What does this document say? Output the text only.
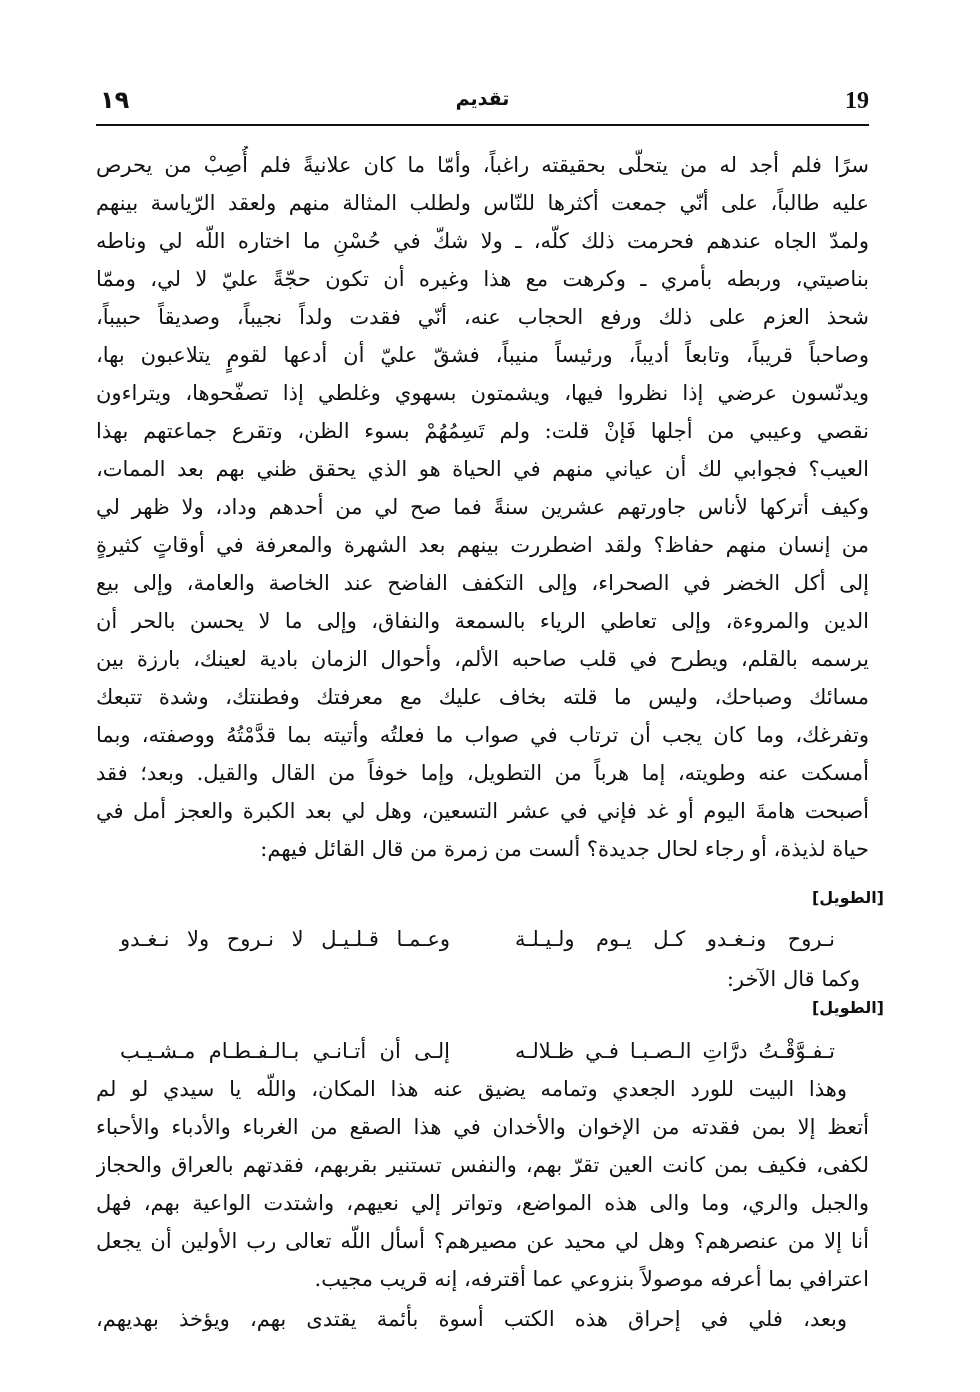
١٩	تقديم	19
سرًا فلم أجد له من يتحلّى بحقيقته راغباً، وأمّا ما كان علانيةً فلم أُصِبْ من يحرص
عليه طالباً، على أنّي جمعت أكثرها للنّاس ولطلب المثالة منهم ولعقد الرّياسة بينهم
ولمدّ الجاه عندهم فحرمت ذلك كلّه، ـ ولا شكّ في حُسْنِ ما اختاره اللّه لي وناطه
بناصيتي، وربطه بأمري ـ وكرهت مع هذا وغيره أن تكون حجّةً عليّ لا لي، وممّا
شحذ العزم على ذلك ورفع الحجاب عنه، أنّي فقدت ولداً نجيباً، وصديقاً حبيباً،
وصاحباً قريباً، وتابعاً أديباً، ورئيساً منيباً، فشقّ عليّ أن أدعها لقومٍ يتلاعبون بها،
ويدنّسون عرضي إذا نظروا فيها، ويشمتون بسهوي وغلطي إذا تصفّحوها، ويتراءون
نقصي وعيبي من أجلها فَإنْ قلت: ولم تَسِمُهُمْ بسوء الظن، وتقرع جماعتهم بهذا
العيب؟ فجوابي لك أن عياني منهم في الحياة هو الذي يحقق ظني بهم بعد الممات،
وكيف أتركها لأناس جاورتهم عشرين سنةً فما صح لي من أحدهم وداد، ولا ظهر لي
من إنسان منهم حفاظ؟ ولقد اضطررت بينهم بعد الشهرة والمعرفة في أوقاتٍ كثيرةٍ
إلى أكل الخضر في الصحراء، وإلى التكفف الفاضح عند الخاصة والعامة، وإلى بيع
الدين والمروءة، وإلى تعاطي الرياء بالسمعة والنفاق، وإلى ما لا يحسن بالحر أن
يرسمه بالقلم، ويطرح في قلب صاحبه الألم، وأحوال الزمان بادية لعينك، بارزة بين
مسائك وصباحك، وليس ما قلته بخاف عليك مع معرفتك وفطنتك، وشدة تتبعك
وتفرغك، وما كان يجب أن ترتاب في صواب ما فعلتُه وأتيته بما قدَّمْتُهُ ووصفته، وبما
أمسكت عنه وطويته، إما هرباً من التطويل، وإما خوفاً من القال والقيل. وبعد؛ فقد
أصبحت هامةَ اليوم أو غد فإني في عشر التسعين، وهل لي بعد الكبرة والعجز أمل في
حياة لذيذة، أو رجاء لحال جديدة؟ ألست من زمرة من قال القائل فيهم:
[الطويل]
نـروح ونـغـدو كـل يـوم ولـيـلـة
وعـمـا قـلـيـل لا نـروح ولا نـغـدو
وكما قال الآخر:
[الطويل]
تـفـوَّقْـتُ درَّاتِ الـصـبـا فـي ظـلالـه
إلـى أن أتـانـي بـالـفـطـام مـشـيـب
وهذا البيت للورد الجعدي وتمامه يضيق عنه هذا المكان، واللّه يا سيدي لو لم
أتعظ إلا بمن فقدته من الإخوان والأخدان في هذا الصقع من الغرباء والأدباء والأحباء
لكفى، فكيف بمن كانت العين تقرّ بهم، والنفس تستنير بقربهم، فقدتهم بالعراق والحجاز
والجبل والري، وما والى هذه المواضع، وتواتر إلي نعيهم، واشتدت الواعية بهم، فهل
أنا إلا من عنصرهم؟ وهل لي محيد عن مصيرهم؟ أسأل اللّه تعالى رب الأولين أن يجعل
اعترافي بما أعرفه موصولاً بنزوعي عما أقترفه، إنه قريب مجيب.
وبعد، فلي في إحراق هذه الكتب أسوة بأئمة يقتدى بهم، ويؤخذ بهديهم،
